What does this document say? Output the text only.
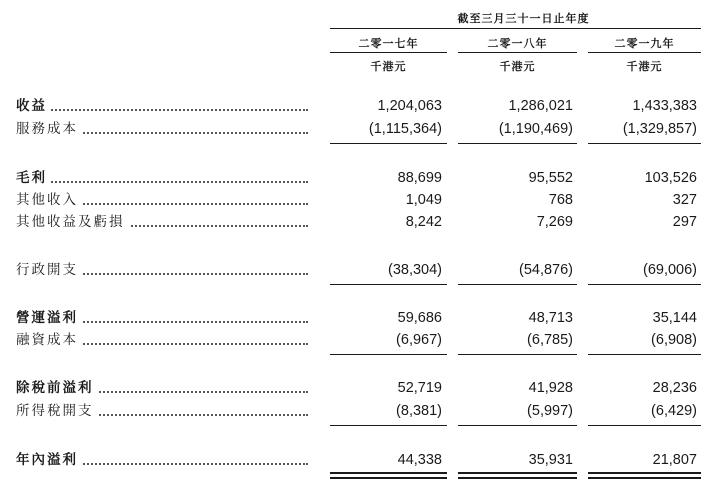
截至三月三十一日止年度
二零一七年	二零一八年	二零一九年
千港元	千港元	千港元
收益	1,204,063	1,286,021	1,433,383
服務成本	(1,115,364)	(1,190,469)	(1,329,857)
毛利	88,699	95,552	103,526
其他收入	1,049	768	327
其他收益及虧損	8,242	7,269	297
行政開支	(38,304)	(54,876)	(69,006)
營運溢利	59,686	48,713	35,144
融資成本	(6,967)	(6,785)	(6,908)
除稅前溢利	52,719	41,928	28,236
所得稅開支	(8,381)	(5,997)	(6,429)
年內溢利	44,338	35,931	21,807
